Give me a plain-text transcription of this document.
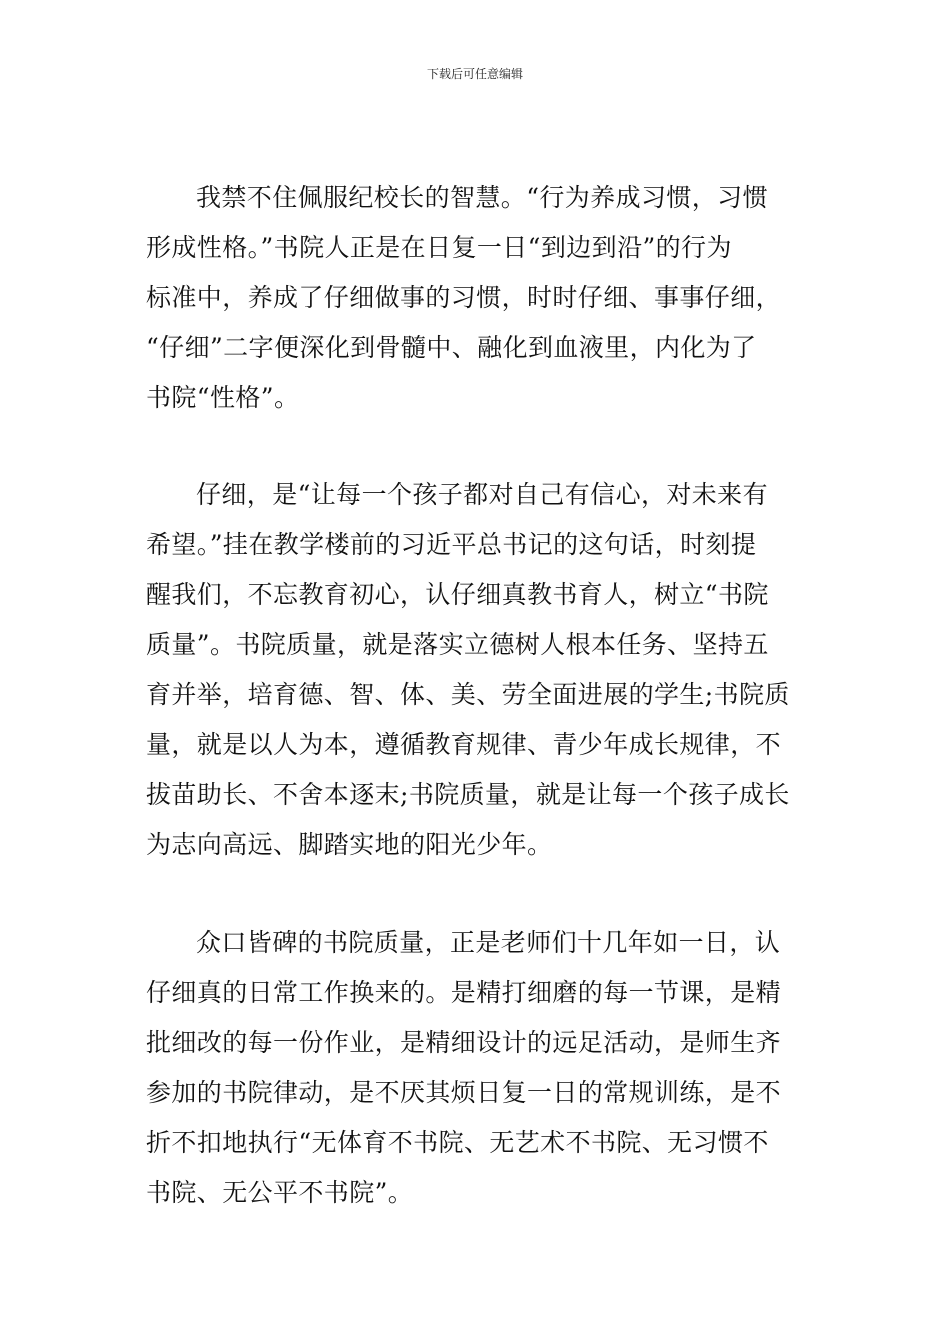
下载后可任意编辑
我禁不住佩服纪校长的智慧。“行为养成习惯，习惯
形成性格。”书院人正是在日复一日“到边到沿”的行为
标准中，养成了仔细做事的习惯，时时仔细、事事仔细，
“仔细”二字便深化到骨髓中、融化到血液里，内化为了
书院“性格”。
仔细，是“让每一个孩子都对自己有信心，对未来有
希望。”挂在教学楼前的习近平总书记的这句话，时刻提
醒我们，不忘教育初心，认仔细真教书育人，树立“书院
质量”。书院质量，就是落实立德树人根本任务、坚持五
育并举，培育德、智、体、美、劳全面进展的学生;书院质
量，就是以人为本，遵循教育规律、青少年成长规律，不
拔苗助长、不舍本逐末;书院质量，就是让每一个孩子成长
为志向高远、脚踏实地的阳光少年。
众口皆碑的书院质量，正是老师们十几年如一日，认
仔细真的日常工作换来的。是精打细磨的每一节课，是精
批细改的每一份作业，是精细设计的远足活动，是师生齐
参加的书院律动，是不厌其烦日复一日的常规训练，是不
折不扣地执行“无体育不书院、无艺术不书院、无习惯不
书院、无公平不书院”。
